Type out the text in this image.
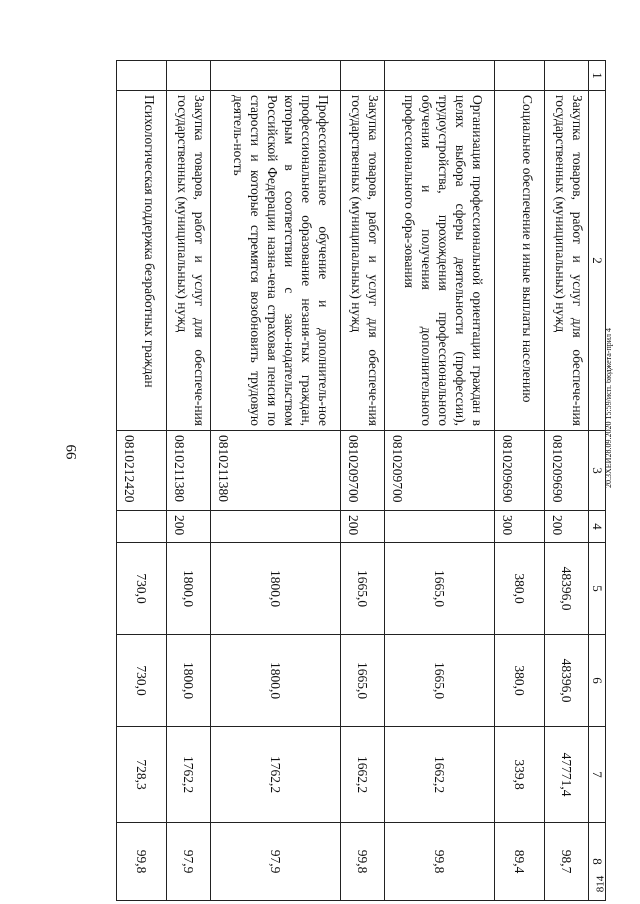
99	20.3ХЕИ28.09.2020 15:59/исп. бюджета-прил 4
814
1	2	3	4	5	6	7	8
	Закупка товаров, работ и услуг для обеспече-ния государственных (муниципальных) нужд	0810209690	200	48396,0	48396,0	47771,4	98,7
	Социальное обеспечение и иные выплаты населению	0810209690	300	380,0	380,0	339,8	89,4
	Организация профессиональной ориентации граждан в целях выбора сферы деятельности (профессии), трудоустройства, прохождения профессионального обучения и получения дополнительного профессионального обра-зования	0810209700		1665,0	1665,0	1662,2	99,8
	Закупка товаров, работ и услуг для обеспече-ния государственных (муниципальных) нужд	0810209700	200	1665,0	1665,0	1662,2	99,8
	Профессиональное обучение и дополнитель-ное профессиональное образование незаня-тых граждан, которым в соответствии с зако-нодательством Российской Федерации назна-чена страховая пенсия по старости и которые стремятся возобновить трудовую деятель-ность	0810211380		1800,0	1800,0	1762,2	97,9
	Закупка товаров, работ и услуг для обеспече-ния государственных (муниципальных) нужд	0810211380	200	1800,0	1800,0	1762,2	97,9
	Психологическая поддержка безработных граждан	0810212420		730,0	730,0	728,3	99,8
